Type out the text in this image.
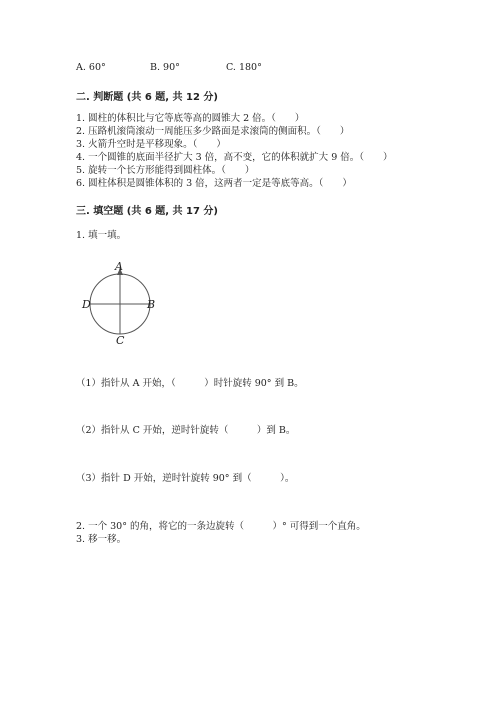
A. 60°	B. 90°	C. 180°
二. 判断题 (共 6 题, 共 12 分)
1. 圆柱的体积比与它等底等高的圆锥大 2 倍。（　　）
2. 压路机滚筒滚动一周能压多少路面是求滚筒的侧面积。（　　）
3. 火箭升空时是平移现象。（　　）
4. 一个圆锥的底面半径扩大 3 倍，高不变，它的体积就扩大 9 倍。（　　）
5. 旋转一个长方形能得到圆柱体。（　　）
6. 圆柱体积是圆锥体积的 3 倍，这两者一定是等底等高。（　　）
三. 填空题 (共 6 题, 共 17 分)
1. 填一填。
A
B
C
D
（1）指针从 A 开始，（　　　）时针旋转 90° 到 B。
（2）指针从 C 开始，逆时针旋转（　　　）到 B。
（3）指针 D 开始，逆时针旋转 90° 到（　　　）。
2. 一个 30° 的角，将它的一条边旋转（　　　）° 可得到一个直角。
3. 移一移。
